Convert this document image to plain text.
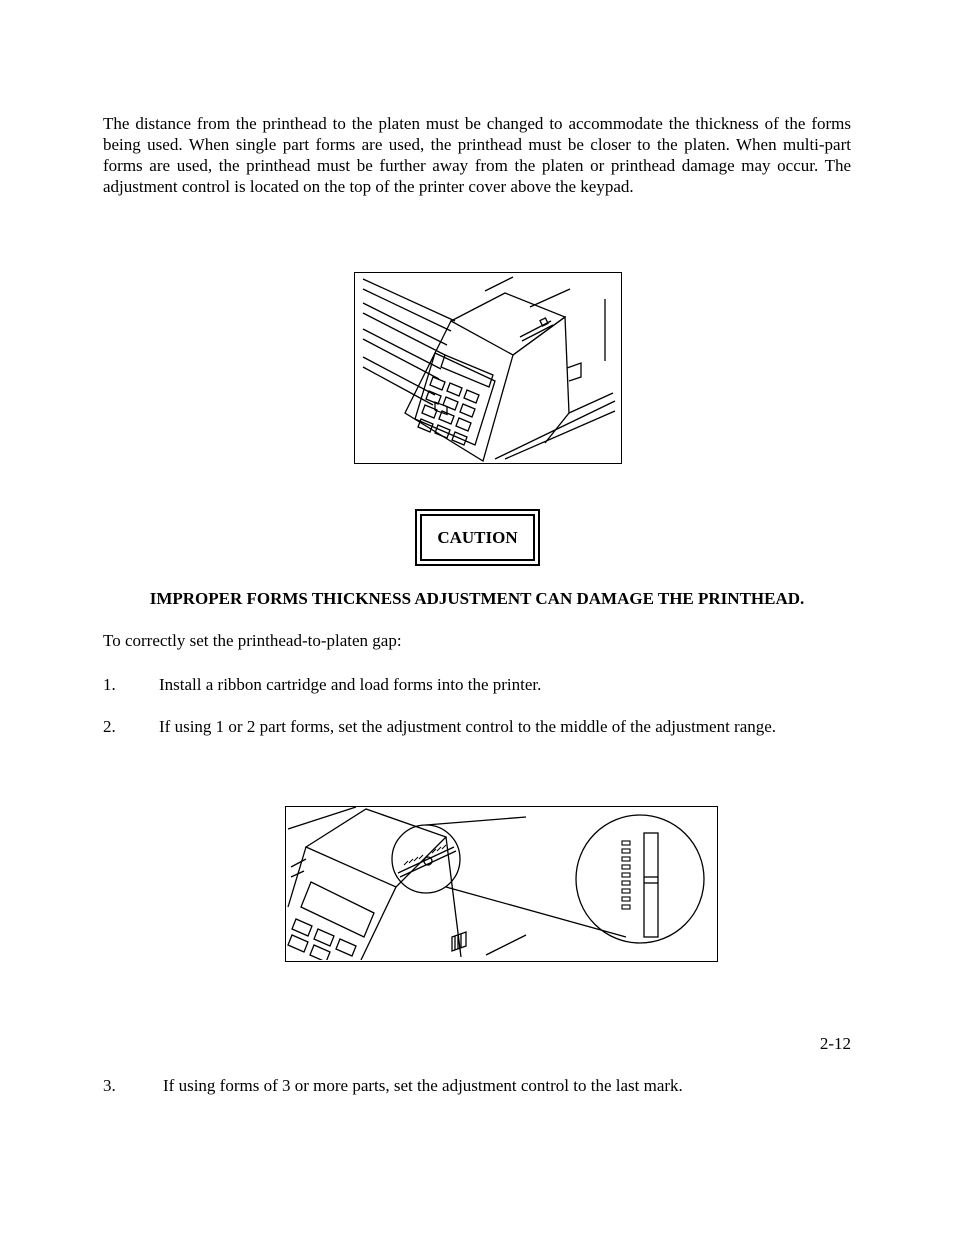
The distance from the printhead to the platen must be changed to accommodate the thickness of the forms being used. When single part forms are used, the printhead must be closer to the platen. When multi-part forms are used, the printhead must be further away from the platen or printhead damage may occur. The adjustment control is located on the top of the printer cover above the keypad.

CAUTION

IMPROPER FORMS THICKNESS ADJUSTMENT CAN DAMAGE THE PRINTHEAD.

To correctly set the printhead-to-platen gap:

1.	Install a ribbon cartridge and load forms into the printer.
2.	If using 1 or 2 part forms, set the adjustment control to the middle of the adjustment range.

2-12

3.	If using forms of 3 or more parts, set the adjustment control to the last mark.
